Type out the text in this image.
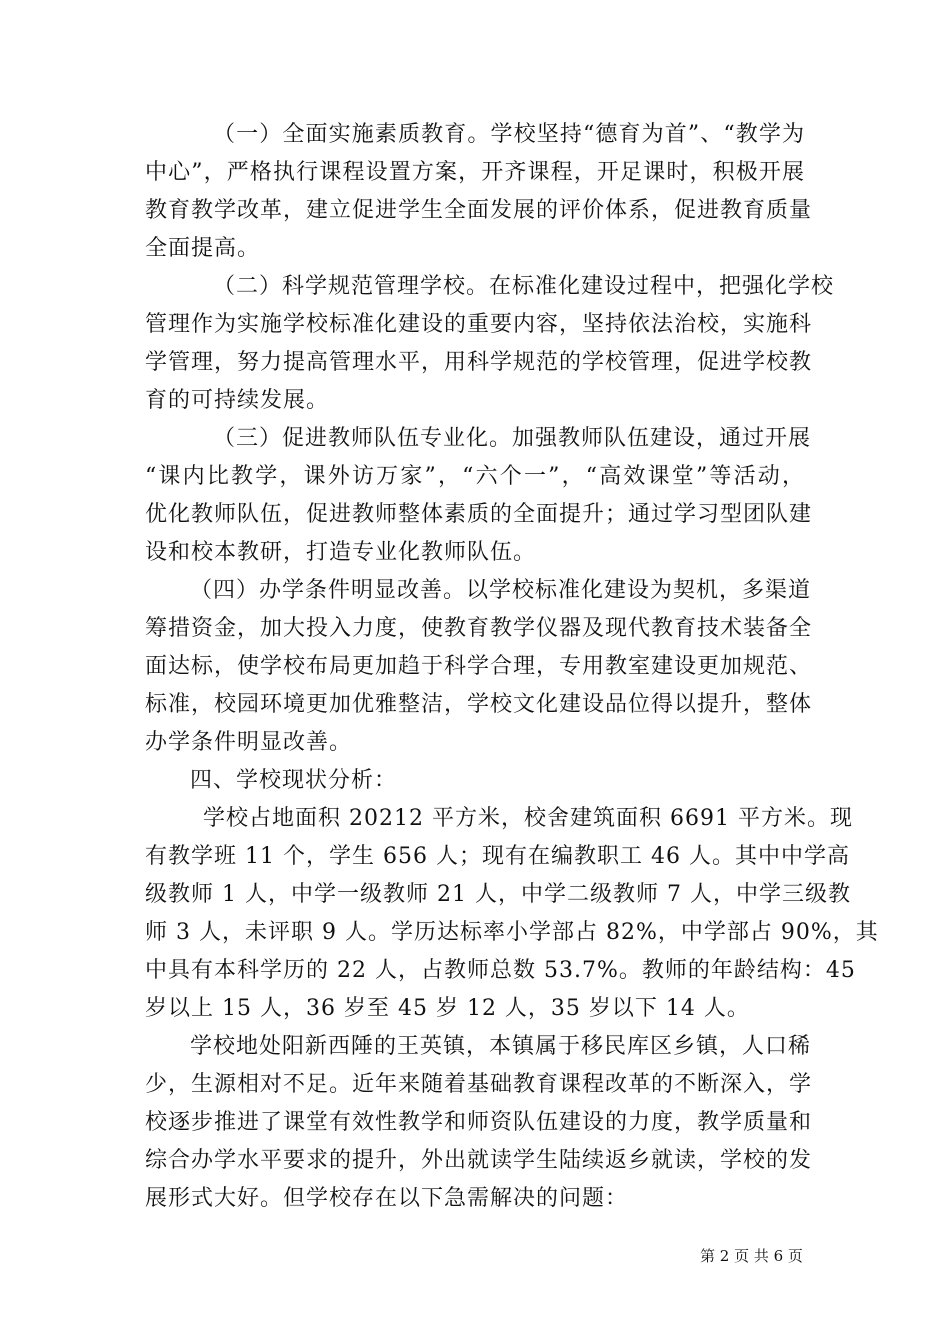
（一）全面实施素质教育。学校坚持“德育为首”、“教学为
中心”，严格执行课程设置方案，开齐课程，开足课时，积极开展
教育教学改革，建立促进学生全面发展的评价体系，促进教育质量
全面提高。
（二）科学规范管理学校。在标准化建设过程中，把强化学校
管理作为实施学校标准化建设的重要内容，坚持依法治校，实施科
学管理，努力提高管理水平，用科学规范的学校管理，促进学校教
育的可持续发展。
（三）促进教师队伍专业化。加强教师队伍建设，通过开展
“课内比教学，课外访万家”，“六个一”，“高效课堂”等活动，
优化教师队伍，促进教师整体素质的全面提升；通过学习型团队建
设和校本教研，打造专业化教师队伍。
（四）办学条件明显改善。以学校标准化建设为契机，多渠道
筹措资金，加大投入力度，使教育教学仪器及现代教育技术装备全
面达标，使学校布局更加趋于科学合理，专用教室建设更加规范、
标准，校园环境更加优雅整洁，学校文化建设品位得以提升，整体
办学条件明显改善。
四、学校现状分析：
学校占地面积 20212 平方米，校舍建筑面积 6691 平方米。现
有教学班 11 个，学生 656 人；现有在编教职工 46 人。其中中学高
级教师 1 人，中学一级教师 21 人，中学二级教师 7 人，中学三级教
师 3 人，未评职 9 人。学历达标率小学部占 82%，中学部占 90%，其
中具有本科学历的 22 人，占教师总数 53.7%。教师的年龄结构：45
岁以上 15 人，36 岁至 45 岁 12 人，35 岁以下 14 人。
学校地处阳新西陲的王英镇，本镇属于移民库区乡镇，人口稀
少，生源相对不足。近年来随着基础教育课程改革的不断深入，学
校逐步推进了课堂有效性教学和师资队伍建设的力度，教学质量和
综合办学水平要求的提升，外出就读学生陆续返乡就读，学校的发
展形式大好。但学校存在以下急需解决的问题：
第 2 页 共 6 页
